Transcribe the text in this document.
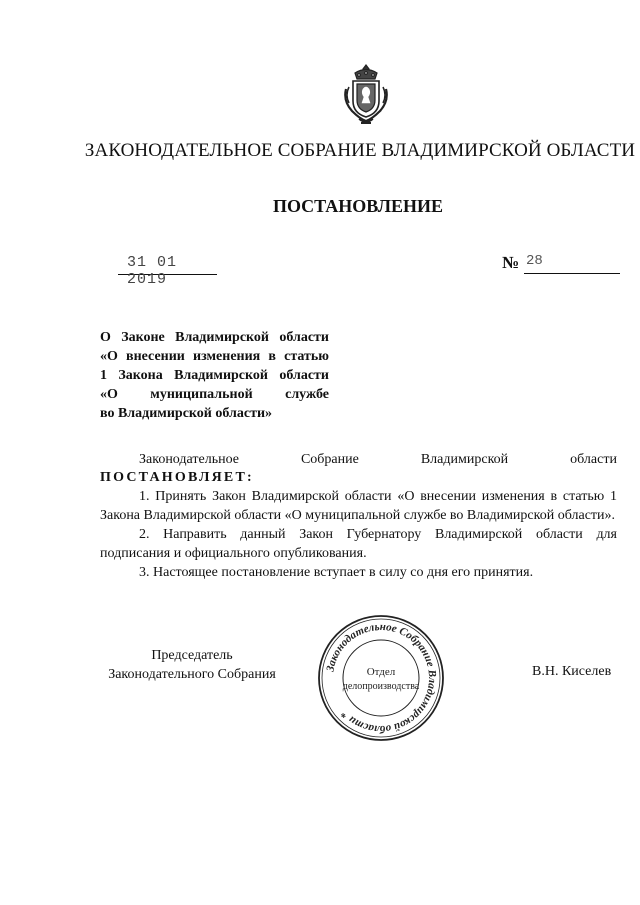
ЗАКОНОДАТЕЛЬНОЕ СОБРАНИЕ ВЛАДИМИРСКОЙ ОБЛАСТИ
ПОСТАНОВЛЕНИЕ
31 01 2019
№ 28
О Законе Владимирской области
«О внесении изменения в статью
1 Закона Владимирской области
«О муниципальной службе
во Владимирской области»
Законодательное	Собрание	Владимирской	области
ПОСТАНОВЛЯЕТ:

1. Принять Закон Владимирской области «О внесении изменения в статью 1 Закона Владимирской области «О муниципальной службе во Владимирской области».

2. Направить данный Закон Губернатору Владимирской области для подписания и официального опубликования.

3. Настоящее постановление вступает в силу со дня его принятия.

Председатель
Законодательного Собрания	Законодательное Собрание Владимирской области *
Отдел
делопроизводства
В.Н. Киселев
